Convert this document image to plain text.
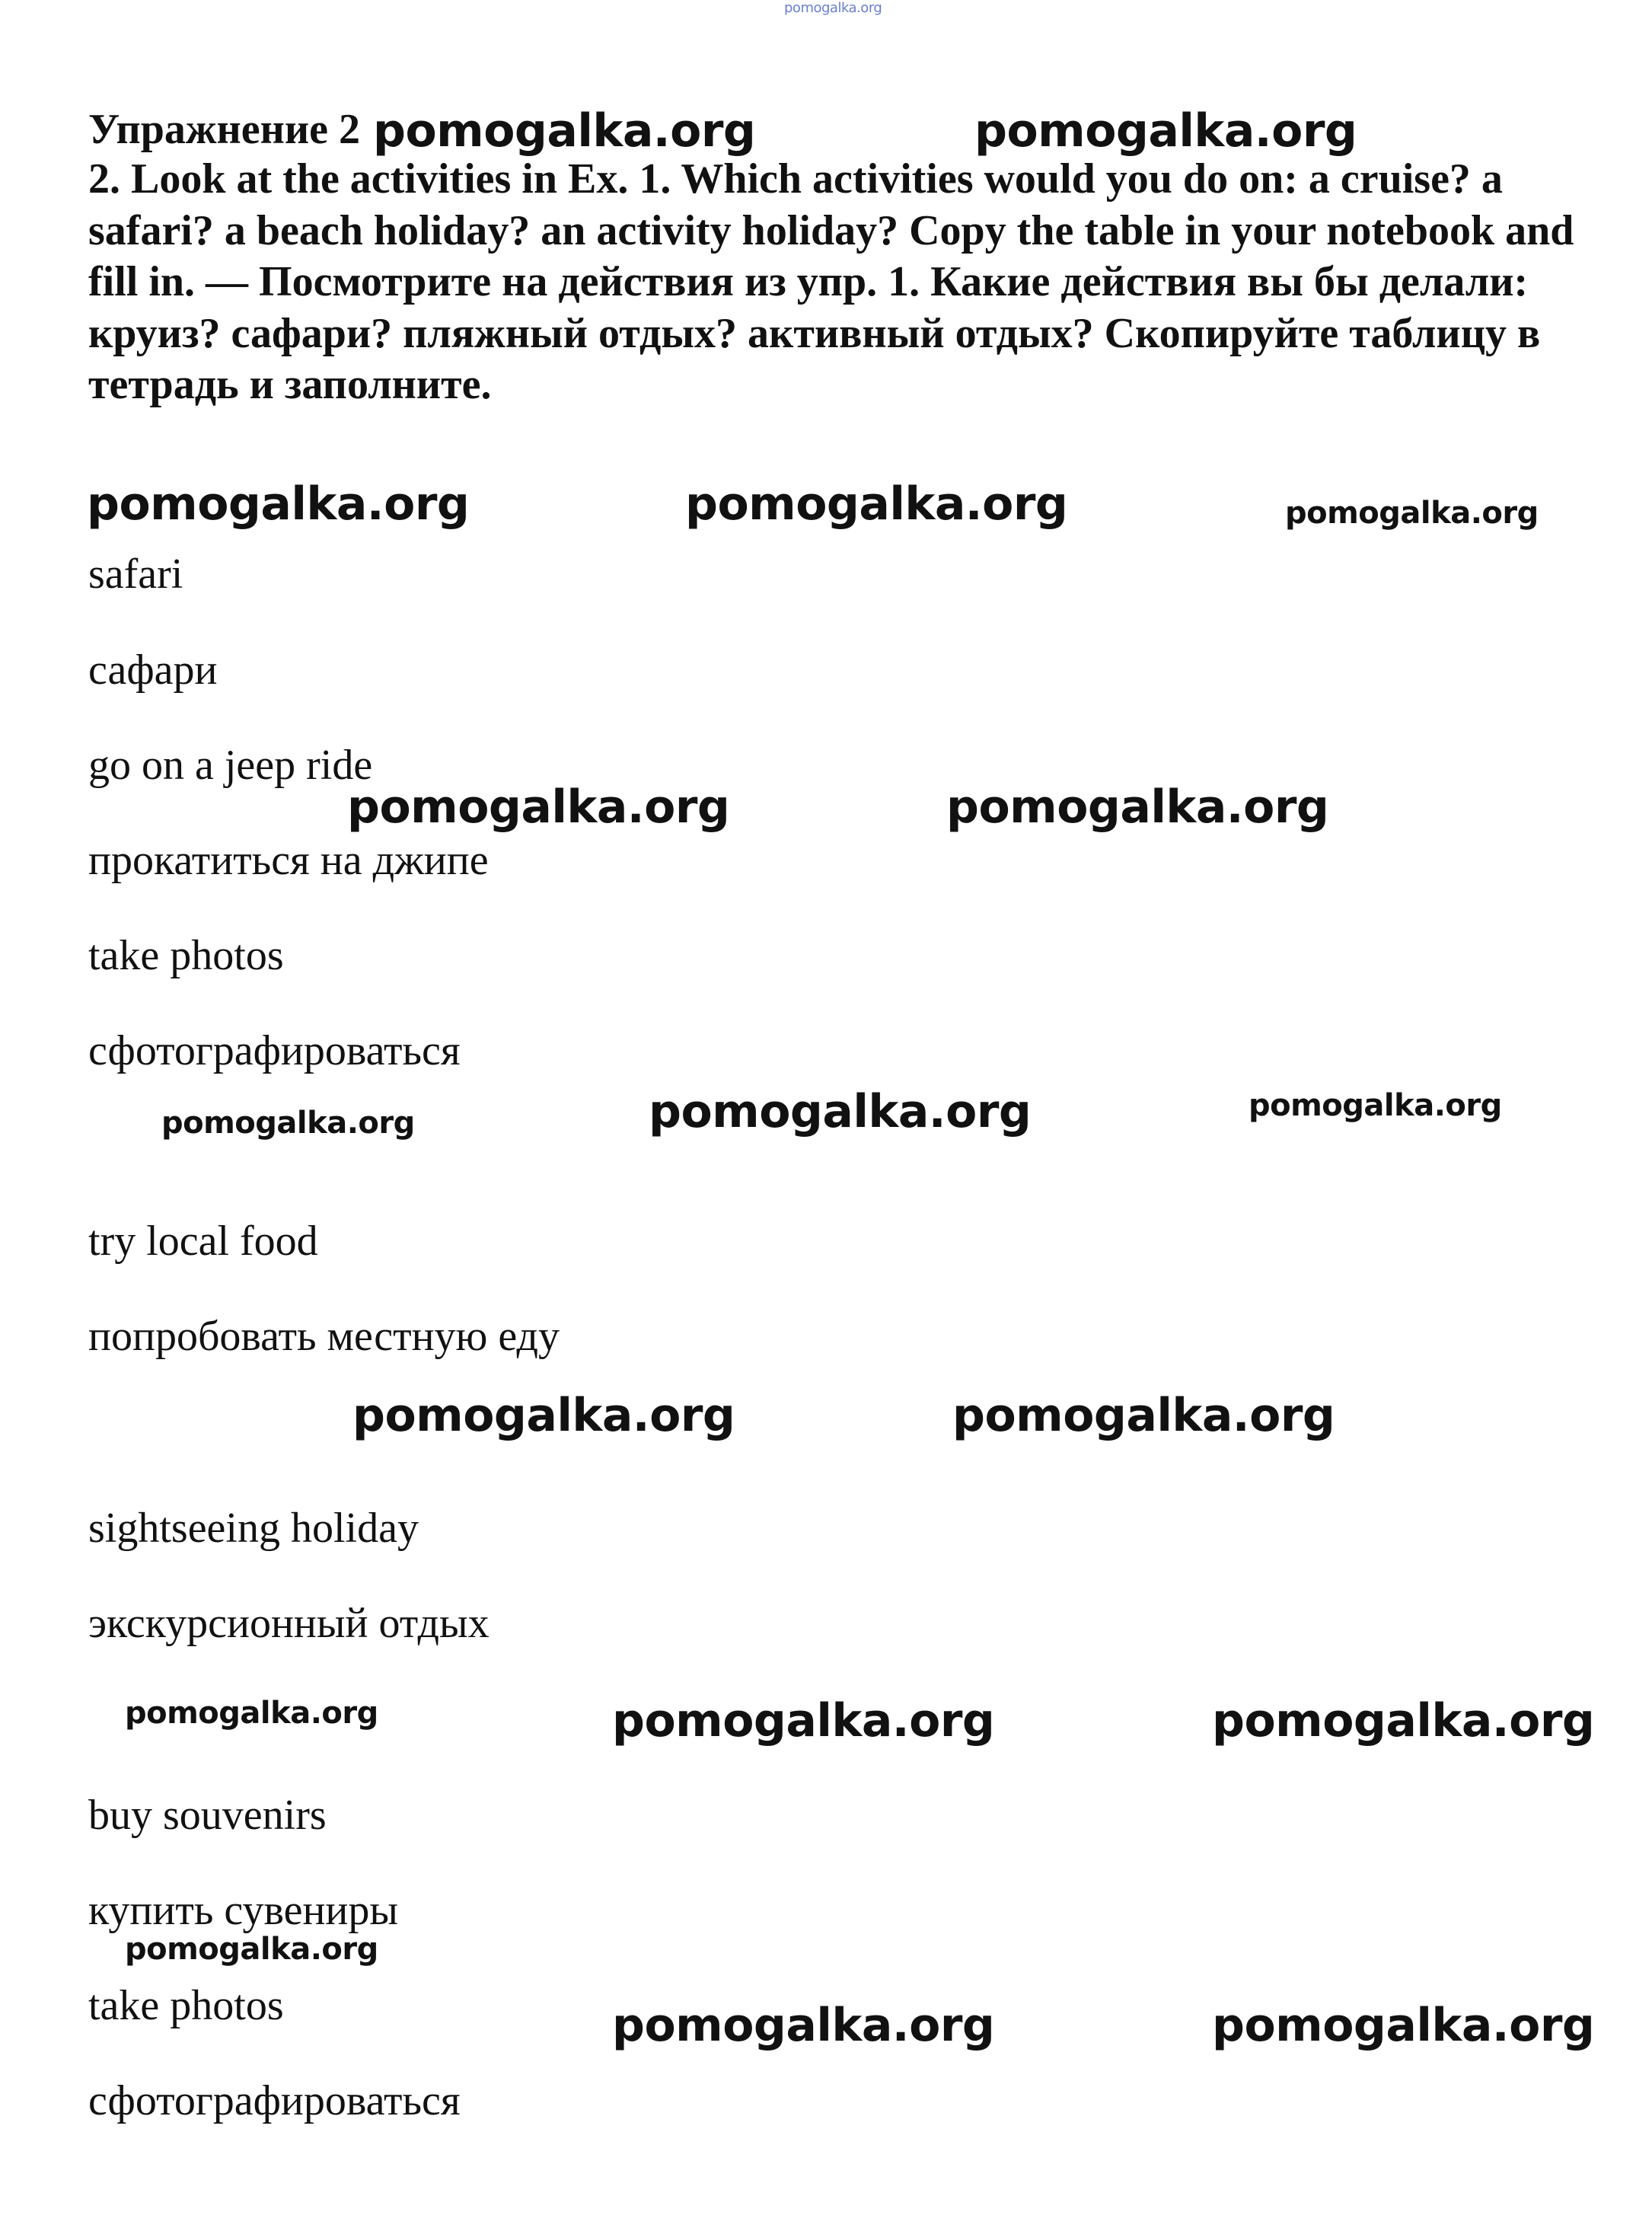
pomogalka.org
Упражнение 2 pomogalka.org	pomogalka.org

2. Look at the activities in Ex. 1. Which activities would you do on: a cruise? a safari? a beach holiday? an activity holiday? Copy the table in your notebook and fill in. — Посмотрите на действия из упр. 1. Какие действия вы бы делали: круиз? сафари? пляжный отдых? активный отдых? Скопируйте таблицу в тетрадь и заполните.

pomogalka.org	pomogalka.org	pomogalka.org

safari

сафари

go on a jeep ride

pomogalka.org	pomogalka.org

прокатиться на джипе

take photos

сфотографироваться

pomogalka.org	pomogalka.org	pomogalka.org

try local food

попробовать местную еду

pomogalka.org	pomogalka.org

sightseeing holiday

экскурсионный отдых

pomogalka.org	pomogalka.org	pomogalka.org

buy souvenirs

купить сувениры

pomogalka.org

take photos	pomogalka.org	pomogalka.org

сфотографироваться
